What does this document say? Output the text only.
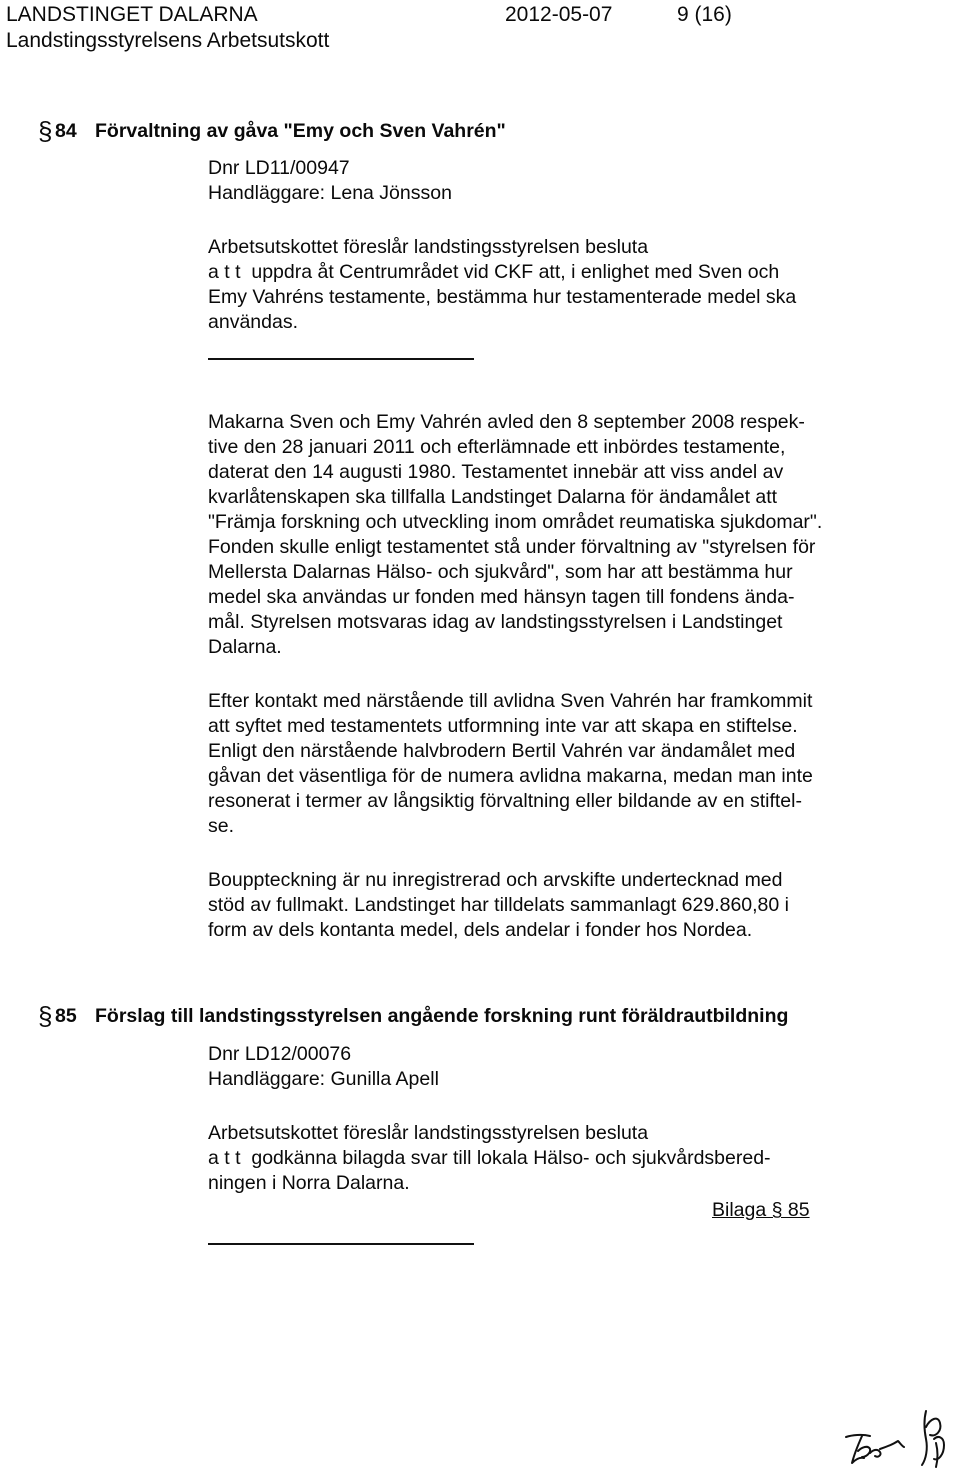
LANDSTINGET DALARNA	2012-05-07	9 (16)
Landstingsstyrelsens Arbetsutskott
§ 84 Förvaltning av gåva "Emy och Sven Vahrén"
Dnr LD11/00947
Handläggare: Lena Jönsson
Arbetsutskottet föreslår landstingsstyrelsen besluta
a t t  uppdra åt Centrumrådet vid CKF att, i enlighet med Sven och
Emy Vahréns testamente, bestämma hur testamenterade medel ska
användas.
Makarna Sven och Emy Vahrén avled den 8 september 2008 respek-
tive den 28 januari 2011 och efterlämnade ett inbördes testamente,
daterat den 14 augusti 1980. Testamentet innebär att viss andel av
kvarlåtenskapen ska tillfalla Landstinget Dalarna för ändamålet att
"Främja forskning och utveckling inom området reumatiska sjukdomar".
Fonden skulle enligt testamentet stå under förvaltning av "styrelsen för
Mellersta Dalarnas Hälso- och sjukvård", som har att bestämma hur
medel ska användas ur fonden med hänsyn tagen till fondens ända-
mål. Styrelsen motsvaras idag av landstingsstyrelsen i Landstinget
Dalarna.
Efter kontakt med närstående till avlidna Sven Vahrén har framkommit
att syftet med testamentets utformning inte var att skapa en stiftelse.
Enligt den närstående halvbrodern Bertil Vahrén var ändamålet med
gåvan det väsentliga för de numera avlidna makarna, medan man inte
resonerat i termer av långsiktig förvaltning eller bildande av en stiftel-
se.
Bouppteckning är nu inregistrerad och arvskifte undertecknad med
stöd av fullmakt. Landstinget har tilldelats sammanlagt 629.860,80 i
form av dels kontanta medel, dels andelar i fonder hos Nordea.
§ 85 Förslag till landstingsstyrelsen angående forskning runt föräldrautbildning
Dnr LD12/00076
Handläggare: Gunilla Apell
Arbetsutskottet föreslår landstingsstyrelsen besluta
a t t  godkänna bilagda svar till lokala Hälso- och sjukvårdsbered-
ningen i Norra Dalarna.
Bilaga § 85
